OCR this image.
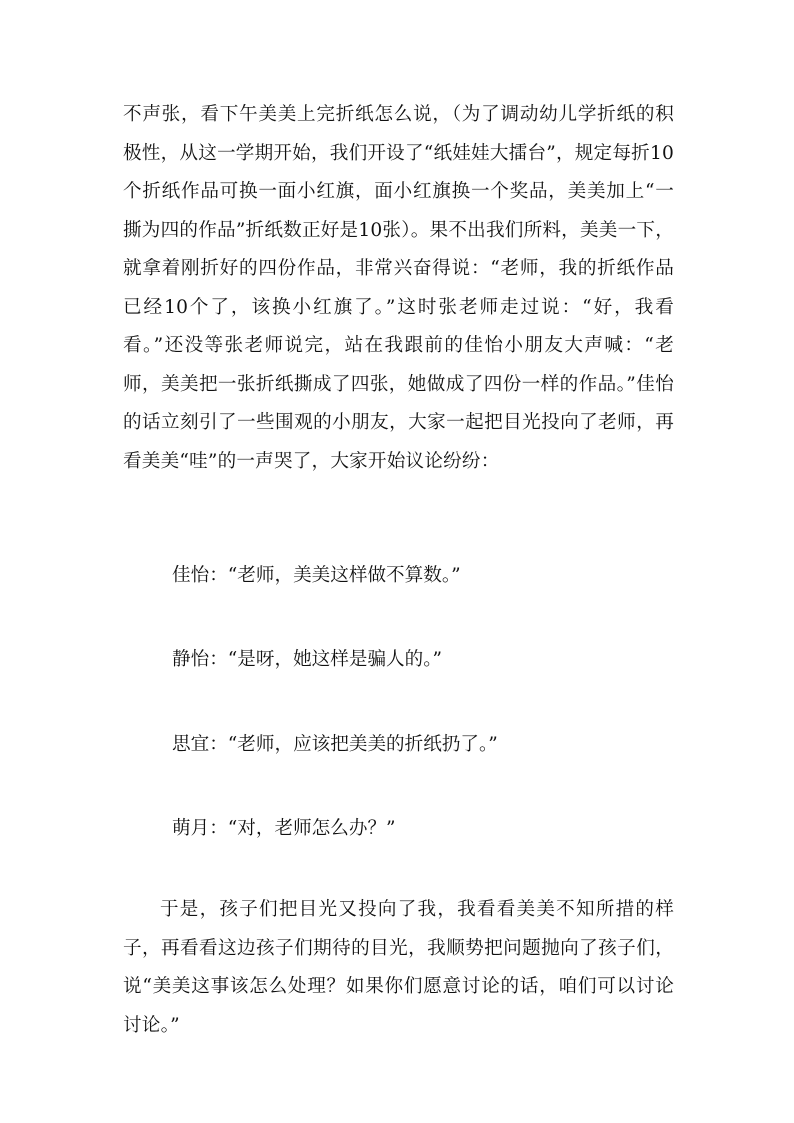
不声张，看下午美美上完折纸怎么说，（为了调动幼儿学折纸的积极性，从这一学期开始，我们开设了“纸娃娃大擂台”，规定每折10个折纸作品可换一面小红旗，面小红旗换一个奖品，美美加上“一撕为四的作品”折纸数正好是10张）。果不出我们所料，美美一下，就拿着刚折好的四份作品，非常兴奋得说：“老师，我的折纸作品已经10个了，该换小红旗了。”这时张老师走过说：“好，我看看。”还没等张老师说完，站在我跟前的佳怡小朋友大声喊：“老师，美美把一张折纸撕成了四张，她做成了四份一样的作品。”佳怡的话立刻引了一些围观的小朋友，大家一起把目光投向了老师，再看美美“哇”的一声哭了，大家开始议论纷纷：

佳怡：“老师，美美这样做不算数。”

静怡：“是呀，她这样是骗人的。”

思宜：“老师，应该把美美的折纸扔了。”

萌月：“对，老师怎么办？”

于是，孩子们把目光又投向了我，我看看美美不知所措的样子，再看看这边孩子们期待的目光，我顺势把问题抛向了孩子们，说“美美这事该怎么处理？如果你们愿意讨论的话，咱们可以讨论讨论。”
